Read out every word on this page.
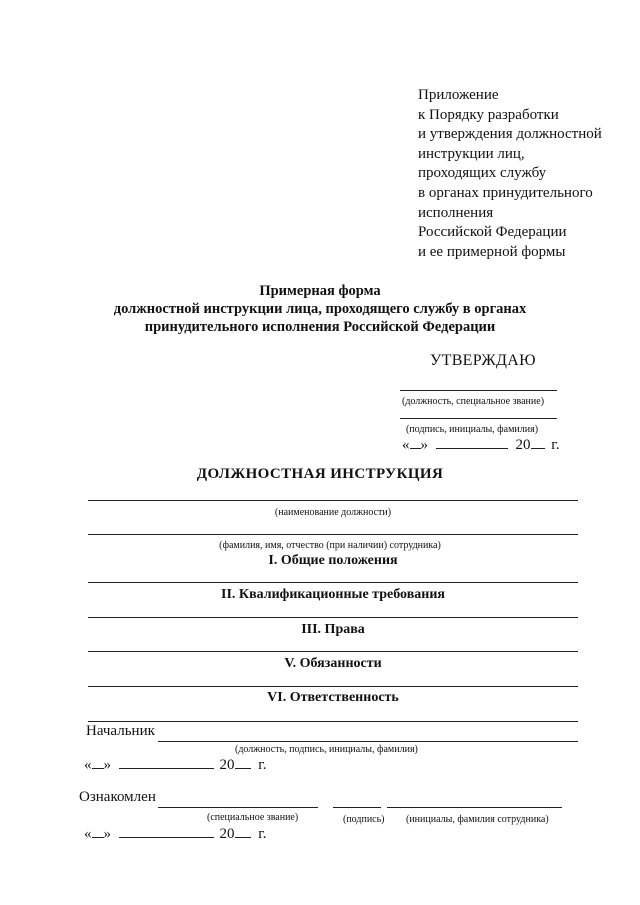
Приложение
к Порядку разработки
и утверждения должностной
инструкции лиц,
проходящих службу
в органах принудительного
исполнения
Российской Федерации
и ее примерной формы
Примерная форма
должностной инструкции лица, проходящего службу в органах
принудительного исполнения Российской Федерации
УТВЕРЖДАЮ
(должность, специальное звание)
(подпись, инициалы, фамилия)
« »	20 г.
ДОЛЖНОСТНАЯ ИНСТРУКЦИЯ
(наименование должности)
(фамилия, имя, отчество (при наличии) сотрудника)
I. Общие положения
II. Квалификационные требования
III. Права
V. Обязанности
VI. Ответственность
Начальник
(должность, подпись, инициалы, фамилия)
« »	20 г.
Ознакомлен
(специальное звание)	(подпись) (инициалы, фамилия сотрудника)
« »	20 г.
